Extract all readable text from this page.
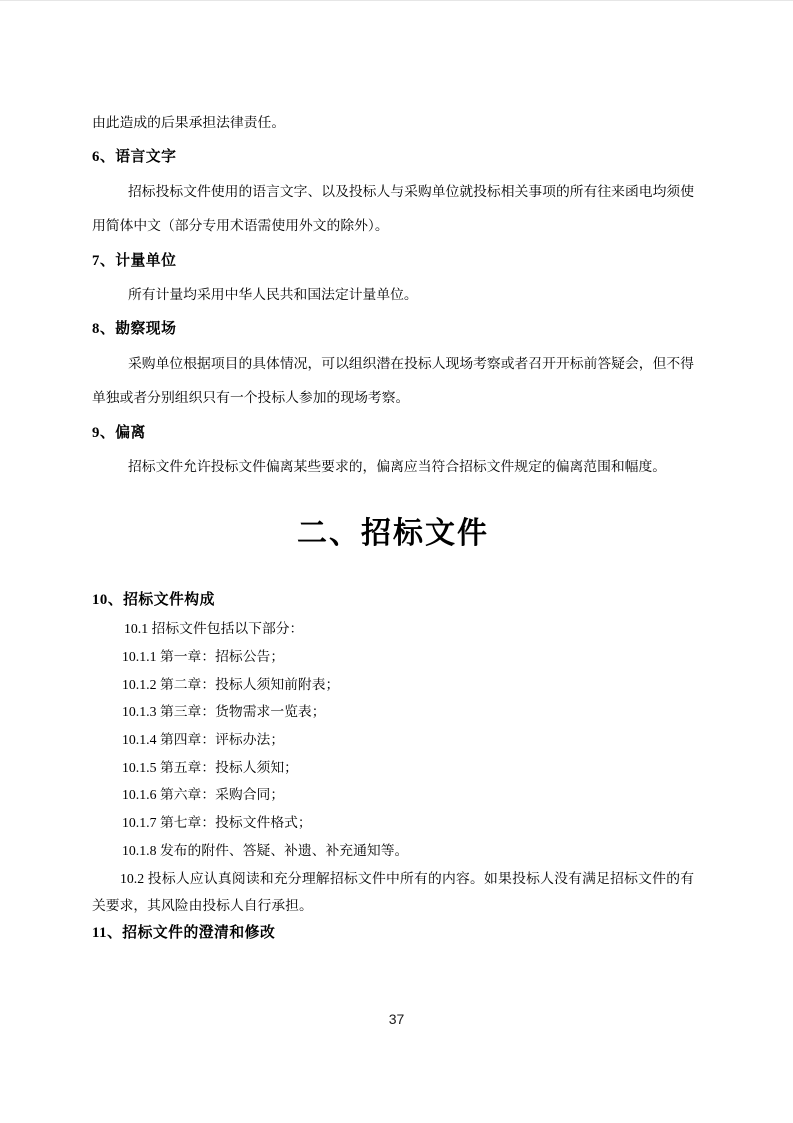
由此造成的后果承担法律责任。

6、语言文字

招标投标文件使用的语言文字、以及投标人与采购单位就投标相关事项的所有往来函电均须使用简体中文（部分专用术语需使用外文的除外）。

7、计量单位

所有计量均采用中华人民共和国法定计量单位。

8、勘察现场

采购单位根据项目的具体情况，可以组织潜在投标人现场考察或者召开开标前答疑会，但不得单独或者分别组织只有一个投标人参加的现场考察。

9、偏离

招标文件允许投标文件偏离某些要求的，偏离应当符合招标文件规定的偏离范围和幅度。

二、招标文件

10、招标文件构成

10.1 招标文件包括以下部分：

10.1.1 第一章：招标公告；

10.1.2 第二章：投标人须知前附表；

10.1.3 第三章：货物需求一览表；

10.1.4 第四章：评标办法；

10.1.5 第五章：投标人须知；

10.1.6 第六章：采购合同；

10.1.7 第七章：投标文件格式；

10.1.8 发布的附件、答疑、补遗、补充通知等。

10.2 投标人应认真阅读和充分理解招标文件中所有的内容。如果投标人没有满足招标文件的有关要求，其风险由投标人自行承担。

11、招标文件的澄清和修改

37
